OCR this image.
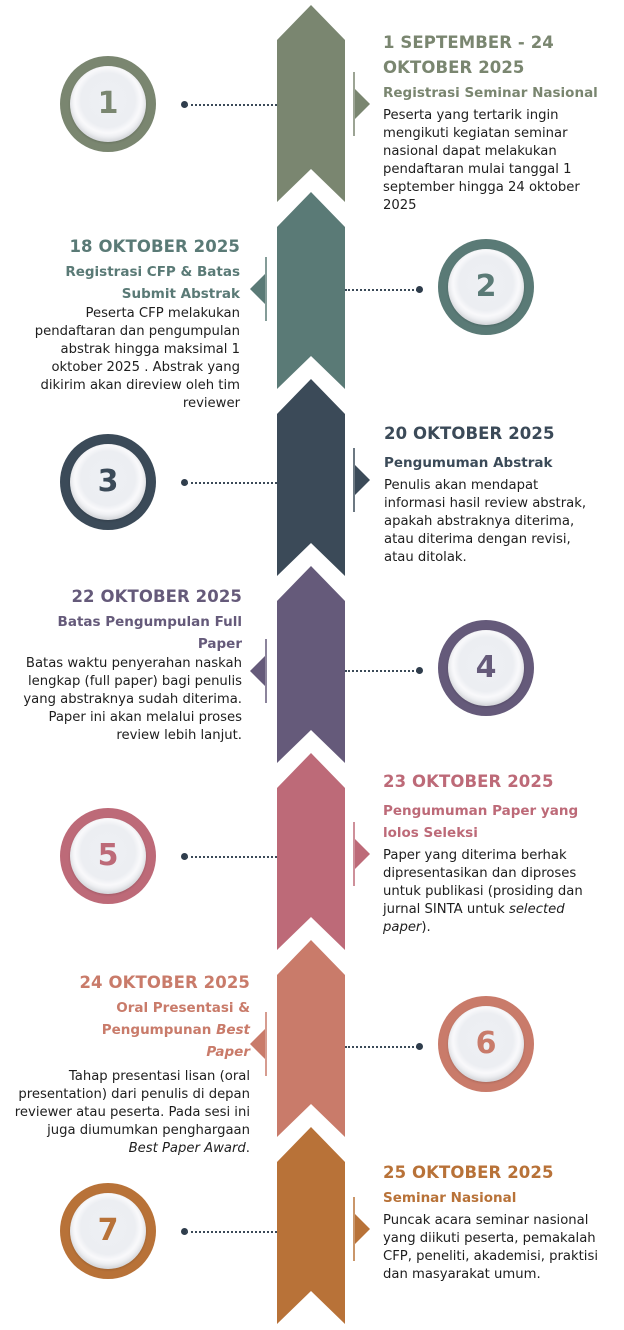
1
1 SEPTEMBER - 24 OKTOBER 2025
Registrasi Seminar Nasional
Peserta yang tertarik ingin mengikuti kegiatan seminar nasional dapat melakukan pendaftaran mulai tanggal 1 september hingga 24 oktober 2025
2
18 OKTOBER 2025
Registrasi CFP & Batas Submit Abstrak
Peserta CFP melakukan pendaftaran dan pengumpulan abstrak hingga maksimal 1 oktober 2025 . Abstrak yang dikirim akan direview oleh tim reviewer
3
20 OKTOBER 2025
Pengumuman Abstrak
Penulis akan mendapat informasi hasil review abstrak, apakah abstraknya diterima, atau diterima dengan revisi, atau ditolak.
4
22 OKTOBER 2025
Batas Pengumpulan Full Paper
Batas waktu penyerahan naskah lengkap (full paper) bagi penulis yang abstraknya sudah diterima. Paper ini akan melalui proses review lebih lanjut.
5
23 OKTOBER 2025
Pengumuman Paper yang lolos Seleksi
Paper yang diterima berhak dipresentasikan dan diproses untuk publikasi (prosiding dan jurnal SINTA untuk selected paper).
6
24 OKTOBER 2025
Oral Presentasi & Pengumpunan Best Paper
Tahap presentasi lisan (oral presentation) dari penulis di depan reviewer atau peserta. Pada sesi ini juga diumumkan penghargaan Best Paper Award.
7
25 OKTOBER 2025
Seminar Nasional
Puncak acara seminar nasional yang diikuti peserta, pemakalah CFP, peneliti, akademisi, praktisi dan masyarakat umum.
